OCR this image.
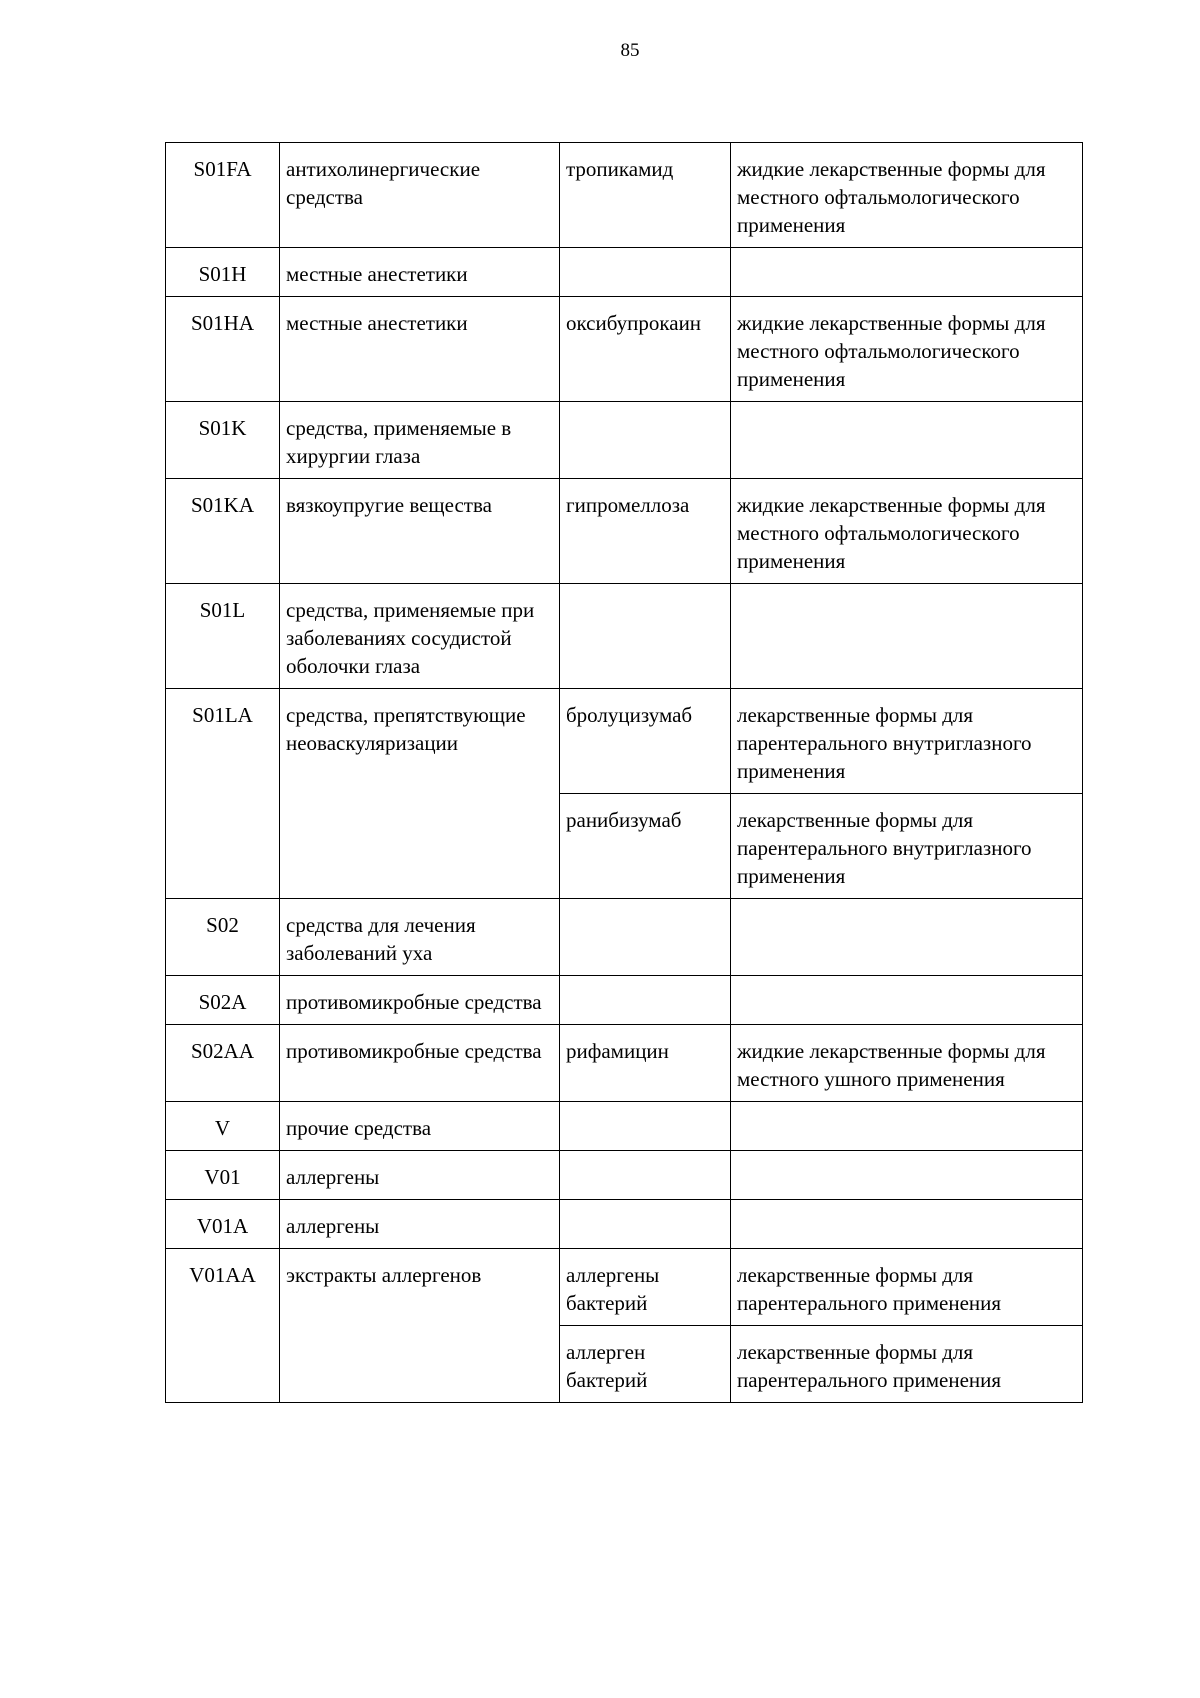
85
S01FA	антихолинергические средства	тропикамид	жидкие лекарственные формы для местного офтальмологического применения
S01H	местные анестетики		
S01HA	местные анестетики	оксибупрокаин	жидкие лекарственные формы для местного офтальмологического применения
S01K	средства, применяемые в хирургии глаза		
S01KA	вязкоупругие вещества	гипромеллоза	жидкие лекарственные формы для местного офтальмологического применения
S01L	средства, применяемые при заболеваниях сосудистой оболочки глаза		
S01LA	средства, препятствующие неоваскуляризации	бролуцизумаб	лекарственные формы для парентерального внутриглазного применения
		ранибизумаб	лекарственные формы для парентерального внутриглазного применения
S02	средства для лечения заболеваний уха		
S02A	противомикробные средства		
S02AA	противомикробные средства	рифамицин	жидкие лекарственные формы для местного ушного применения
V	прочие средства		
V01	аллергены		
V01A	аллергены		
V01AA	экстракты аллергенов	аллергены бактерий	лекарственные формы для парентерального применения
		аллерген бактерий	лекарственные формы для парентерального применения
